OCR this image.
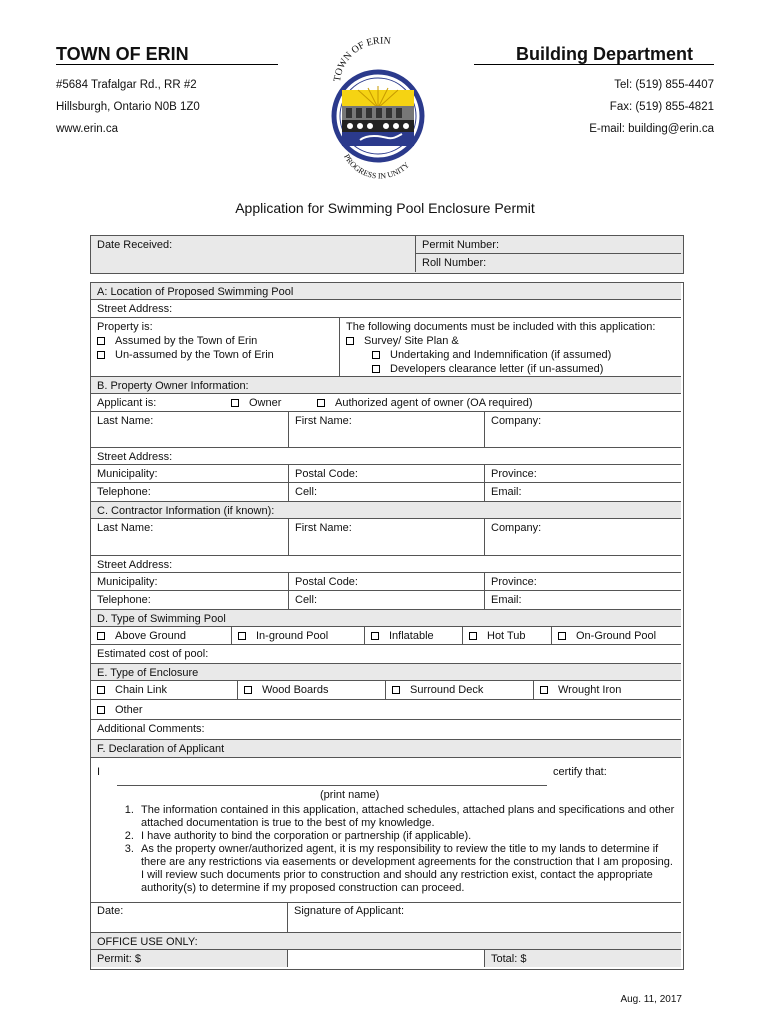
TOWN OF ERIN	Building Department
#5684 Trafalgar Rd., RR #2
Hillsburgh, Ontario N0B 1Z0
www.erin.ca
Tel: (519) 855-4407
Fax: (519) 855-4821
E-mail: building@erin.ca
TOWN OF ERIN
PROGRESS IN UNITY
Application for Swimming Pool Enclosure Permit
Date Received:	Permit Number:
Roll Number:
A: Location of Proposed Swimming Pool
Street Address:
Property is:
Assumed by the Town of Erin
Un-assumed by the Town of Erin
The following documents must be included with this application:
Survey/ Site Plan &
Undertaking and Indemnification (if assumed)
Developers clearance letter (if un-assumed)
B. Property Owner Information:
Applicant is:	Owner	Authorized agent of owner (OA required)
Last Name:	First Name:	Company:
Street Address:
Municipality:	Postal Code:	Province:
Telephone:	Cell:	Email:
C. Contractor Information (if known):
Last Name:	First Name:	Company:
Street Address:
Municipality:	Postal Code:	Province:
Telephone:	Cell:	Email:
D. Type of Swimming Pool
Above Ground	In-ground Pool	Inflatable	Hot Tub	On-Ground Pool
Estimated cost of pool:
E. Type of Enclosure
Chain Link	Wood Boards	Surround Deck	Wrought Iron
Other
Additional Comments:
F. Declaration of Applicant
I	certify that:
(print name)
1. The information contained in this application, attached schedules, attached plans and specifications and other attached documentation is true to the best of my knowledge.
2. I have authority to bind the corporation or partnership (if applicable).
3. As the property owner/authorized agent, it is my responsibility to review the title to my lands to determine if there are any restrictions via easements or development agreements for the construction that I am proposing. I will review such documents prior to construction and should any restriction exist, contact the appropriate authority(s) to determine if my proposed construction can proceed.
Date:	Signature of Applicant:
OFFICE USE ONLY:
Permit: $	Total: $
Aug. 11, 2017
